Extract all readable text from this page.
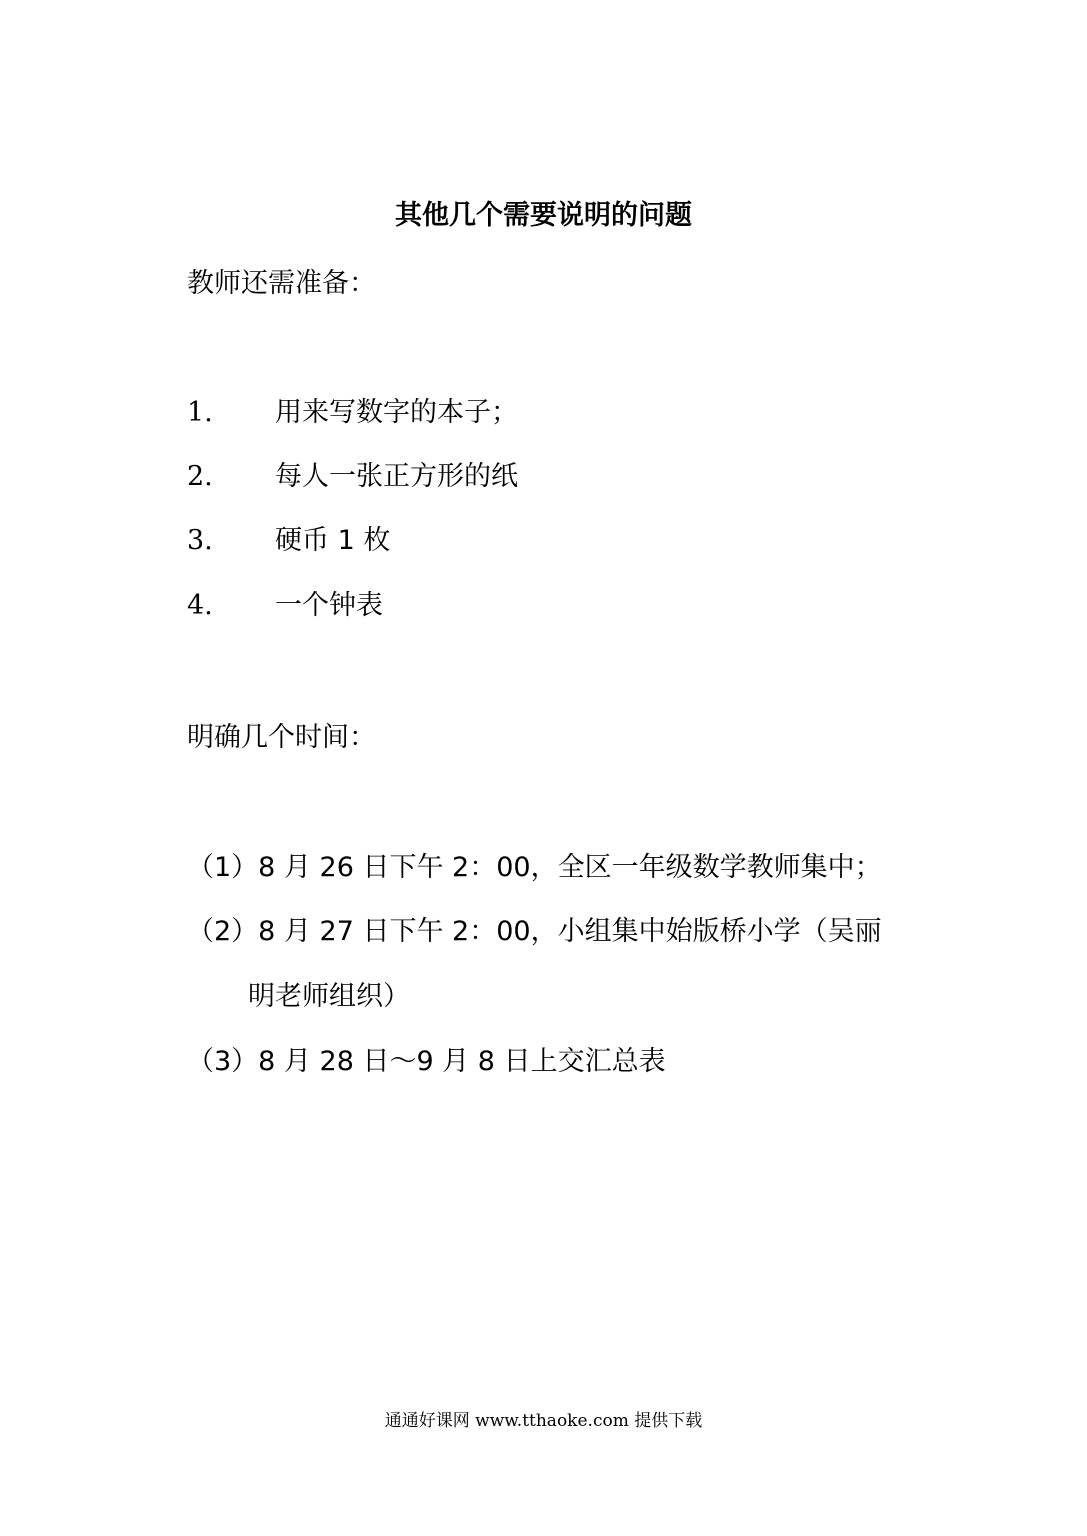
其他几个需要说明的问题
教师还需准备：
1. 用来写数字的本子；
2. 每人一张正方形的纸
3. 硬币 1 枚
4. 一个钟表
明确几个时间：
（1）8 月 26 日下午 2：00，全区一年级数学教师集中；
（2）8 月 27 日下午 2：00，小组集中始版桥小学（吴丽
明老师组织）
（3）8 月 28 日～9 月 8 日上交汇总表
通通好课网 www.tthaoke.com 提供下载
